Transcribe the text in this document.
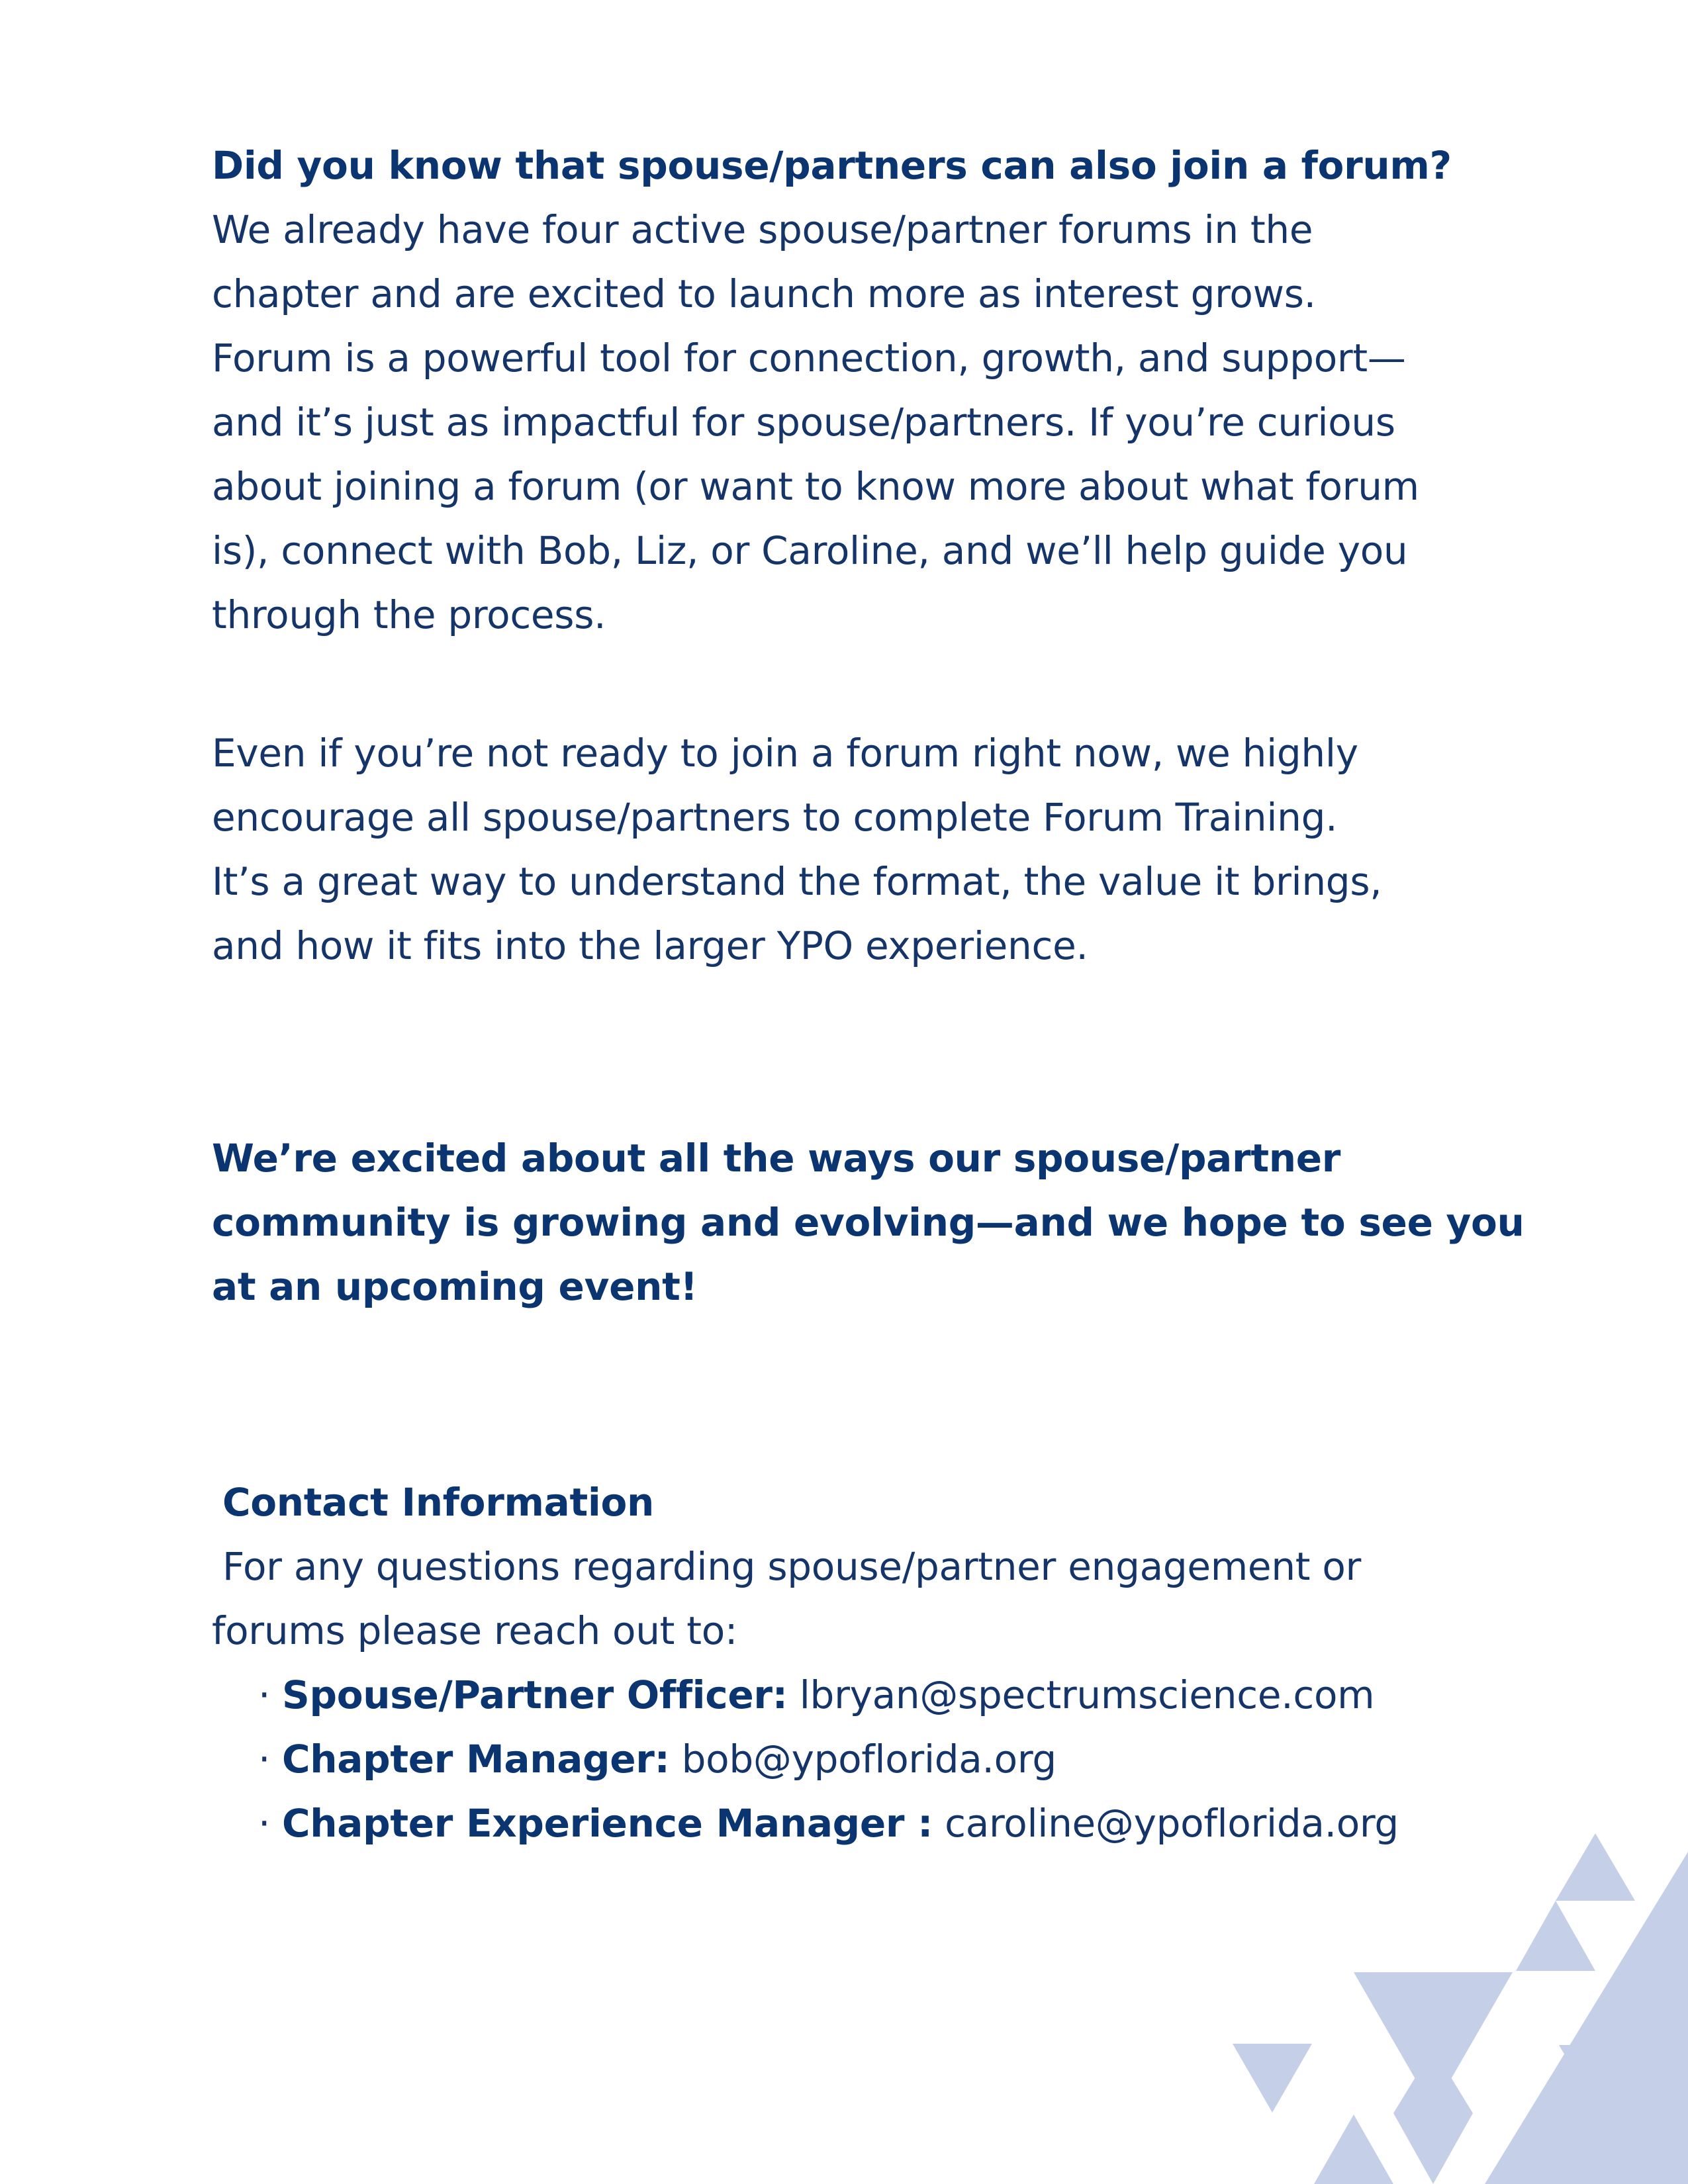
Did you know that spouse/partners can also join a forum?
We already have four active spouse/partner forums in the
chapter and are excited to launch more as interest grows.
Forum is a powerful tool for connection, growth, and support—
and it’s just as impactful for spouse/partners. If you’re curious
about joining a forum (or want to know more about what forum
is), connect with Bob, Liz, or Caroline, and we’ll help guide you
through the process.
Even if you’re not ready to join a forum right now, we highly
encourage all spouse/partners to complete Forum Training.
It’s a great way to understand the format, the value it brings,
and how it fits into the larger YPO experience.
We’re excited about all the ways our spouse/partner
community is growing and evolving—and we hope to see you
at an upcoming event!
Contact Information
For any questions regarding spouse/partner engagement or
forums please reach out to:
· Spouse/Partner Officer: lbryan@spectrumscience.com
· Chapter Manager: bob@ypoflorida.org
· Chapter Experience Manager : caroline@ypoflorida.org
